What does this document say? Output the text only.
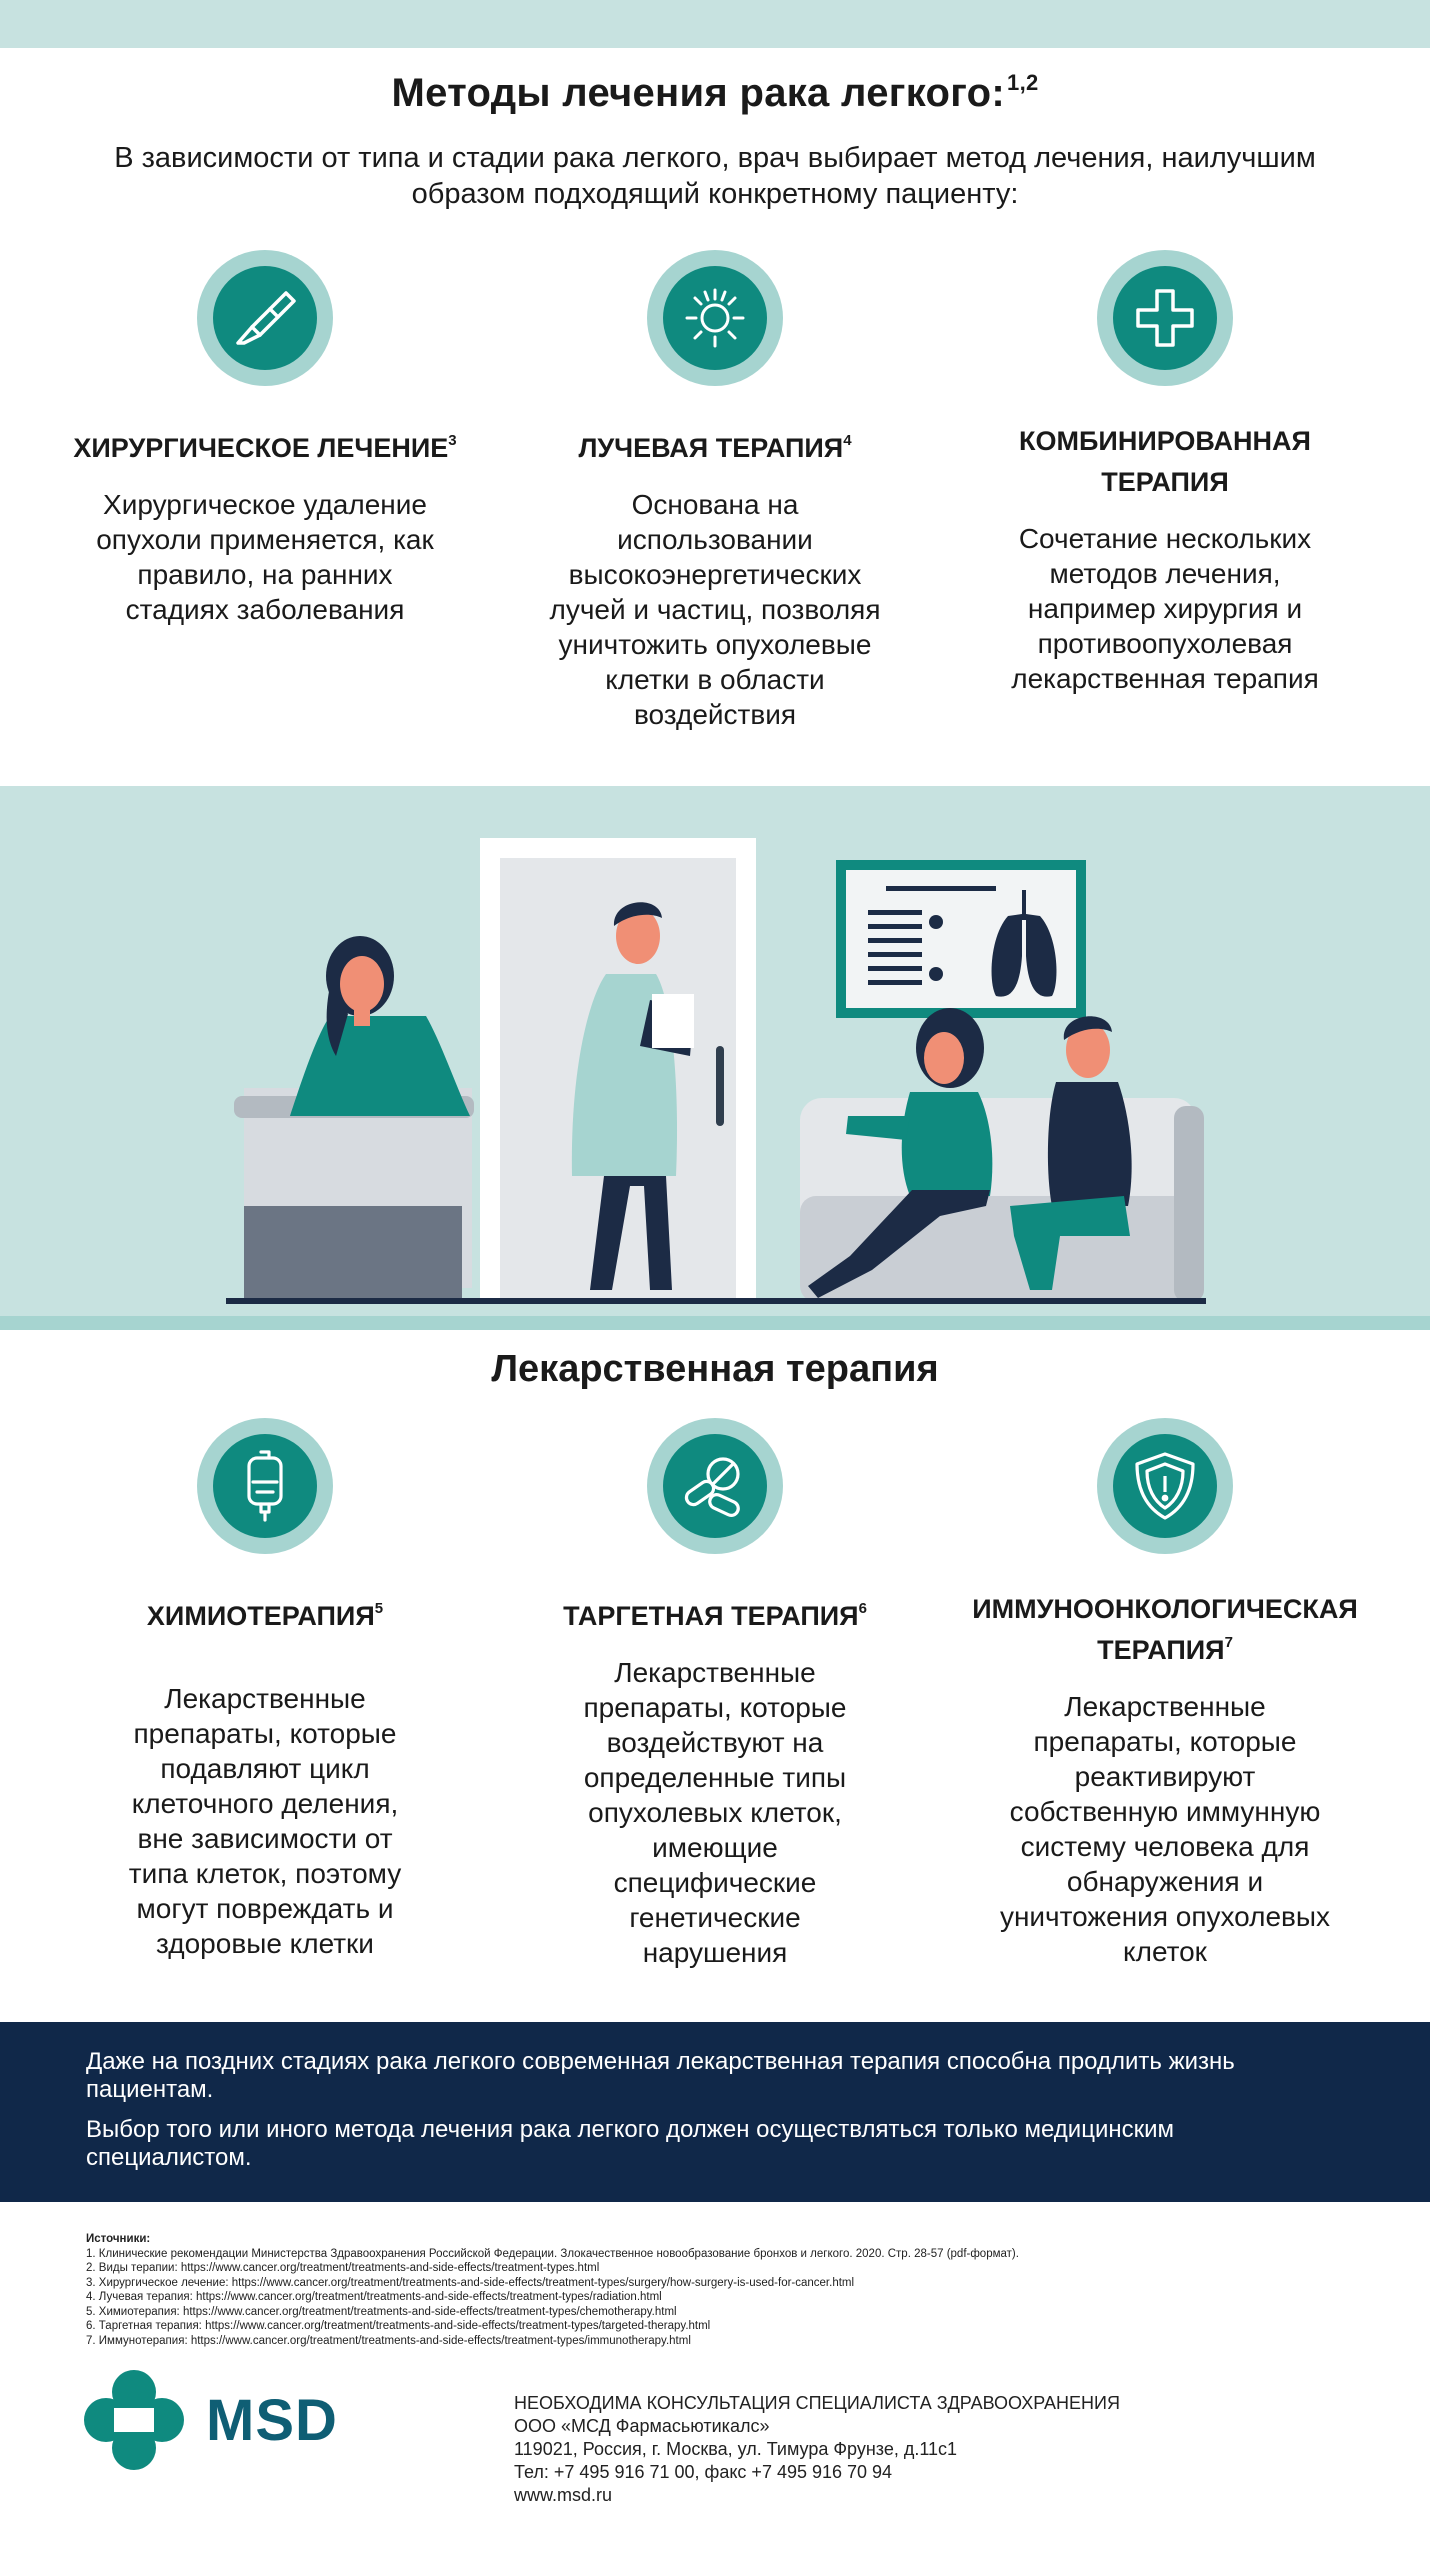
Методы лечения рака легкого:$^{1,2}$

В зависимости от типа и стадии рака легкого, врач выбирает метод лечения, наилучшим образом подходящий конкретному пациенту:

ХИРУРГИЧЕСКОЕ ЛЕЧЕНИЕ$^3$

Хирургическое удаление опухоли применяется, как правило, на ранних стадиях заболевания

ЛУЧЕВАЯ ТЕРАПИЯ$^4$

Основана на использовании высокоэнергетических лучей и частиц, позволяя уничтожить опухолевые клетки в области воздействия

КОМБИНИРОВАННАЯ ТЕРАПИЯ

Сочетание нескольких методов лечения, например хирургия и противоопухолевая лекарственная терапия

Лекарственная терапия
ХИМИОТЕРАПИЯ$^5$

Лекарственные препараты, которые подавляют цикл клеточного деления, вне зависимости от типа клеток, поэтому могут повреждать и здоровые клетки

ТАРГЕТНАЯ ТЕРАПИЯ$^6$

Лекарственные препараты, которые воздействуют на определенные типы опухолевых клеток, имеющие специфические генетические нарушения

ИММУНООНКОЛОГИЧЕСКАЯ ТЕРАПИЯ$^7$

Лекарственные препараты, которые реактивируют собственную иммунную систему человека для обнаружения и уничтожения опухолевых клеток

Даже на поздних стадиях рака легкого современная лекарственная терапия способна продлить жизнь пациентам.

Выбор того или иного метода лечения рака легкого должен осуществляться только медицинским специалистом.

Источники:
1. Клинические рекомендации Министерства Здравоохранения Российской Федерации. Злокачественное новообразование бронхов и легкого. 2020. Стр. 28-57 (pdf-формат).
2. Виды терапии: https://www.cancer.org/treatment/treatments-and-side-effects/treatment-types.html
3. Хирургическое лечение: https://www.cancer.org/treatment/treatments-and-side-effects/treatment-types/surgery/how-surgery-is-used-for-cancer.html
4. Лучевая терапия: https://www.cancer.org/treatment/treatments-and-side-effects/treatment-types/radiation.html
5. Химиотерапия: https://www.cancer.org/treatment/treatments-and-side-effects/treatment-types/chemotherapy.html
6. Таргетная терапия: https://www.cancer.org/treatment/treatments-and-side-effects/treatment-types/targeted-therapy.html
7. Иммунотерапия: https://www.cancer.org/treatment/treatments-and-side-effects/treatment-types/immunotherapy.html
MSD	НЕОБХОДИМА КОНСУЛЬТАЦИЯ СПЕЦИАЛИСТА ЗДРАВООХРАНЕНИЯ
ООО «МСД Фармасьютикалс»
119021, Россия, г. Москва, ул. Тимура Фрунзе, д.11с1
Тел: +7 495 916 71 00, факс +7 495 916 70 94
www.msd.ru
